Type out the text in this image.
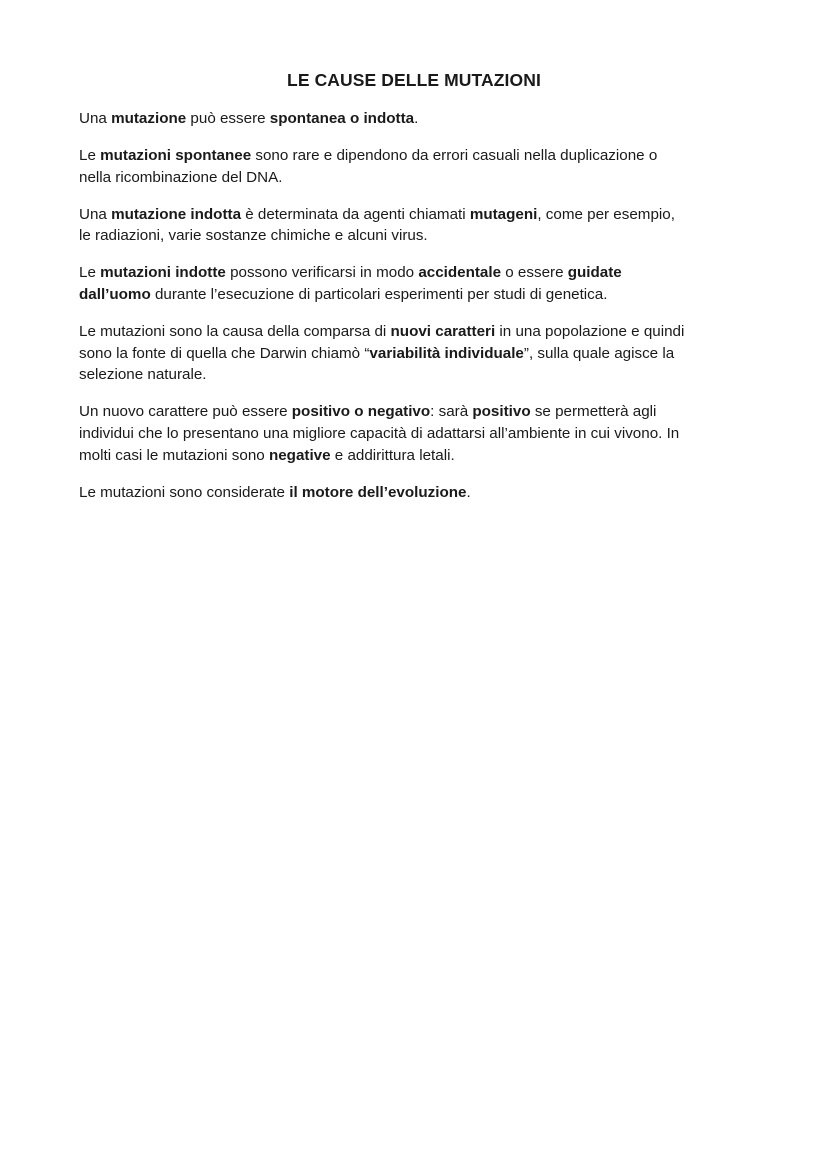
LE CAUSE DELLE MUTAZIONI

Una mutazione può essere spontanea o indotta.

Le mutazioni spontanee sono rare e dipendono da errori casuali nella duplicazione o
nella ricombinazione del DNA.

Una mutazione indotta è determinata da agenti chiamati mutageni, come per esempio,
le radiazioni, varie sostanze chimiche e alcuni virus.

Le mutazioni indotte possono verificarsi in modo accidentale o essere guidate
dall’uomo durante l’esecuzione di particolari esperimenti per studi di genetica.

Le mutazioni sono la causa della comparsa di nuovi caratteri in una popolazione e quindi
sono la fonte di quella che Darwin chiamò “variabilità individuale”, sulla quale agisce la
selezione naturale.

Un nuovo carattere può essere positivo o negativo: sarà positivo se permetterà agli
individui che lo presentano una migliore capacità di adattarsi all’ambiente in cui vivono. In
molti casi le mutazioni sono negative e addirittura letali.

Le mutazioni sono considerate il motore dell’evoluzione.
